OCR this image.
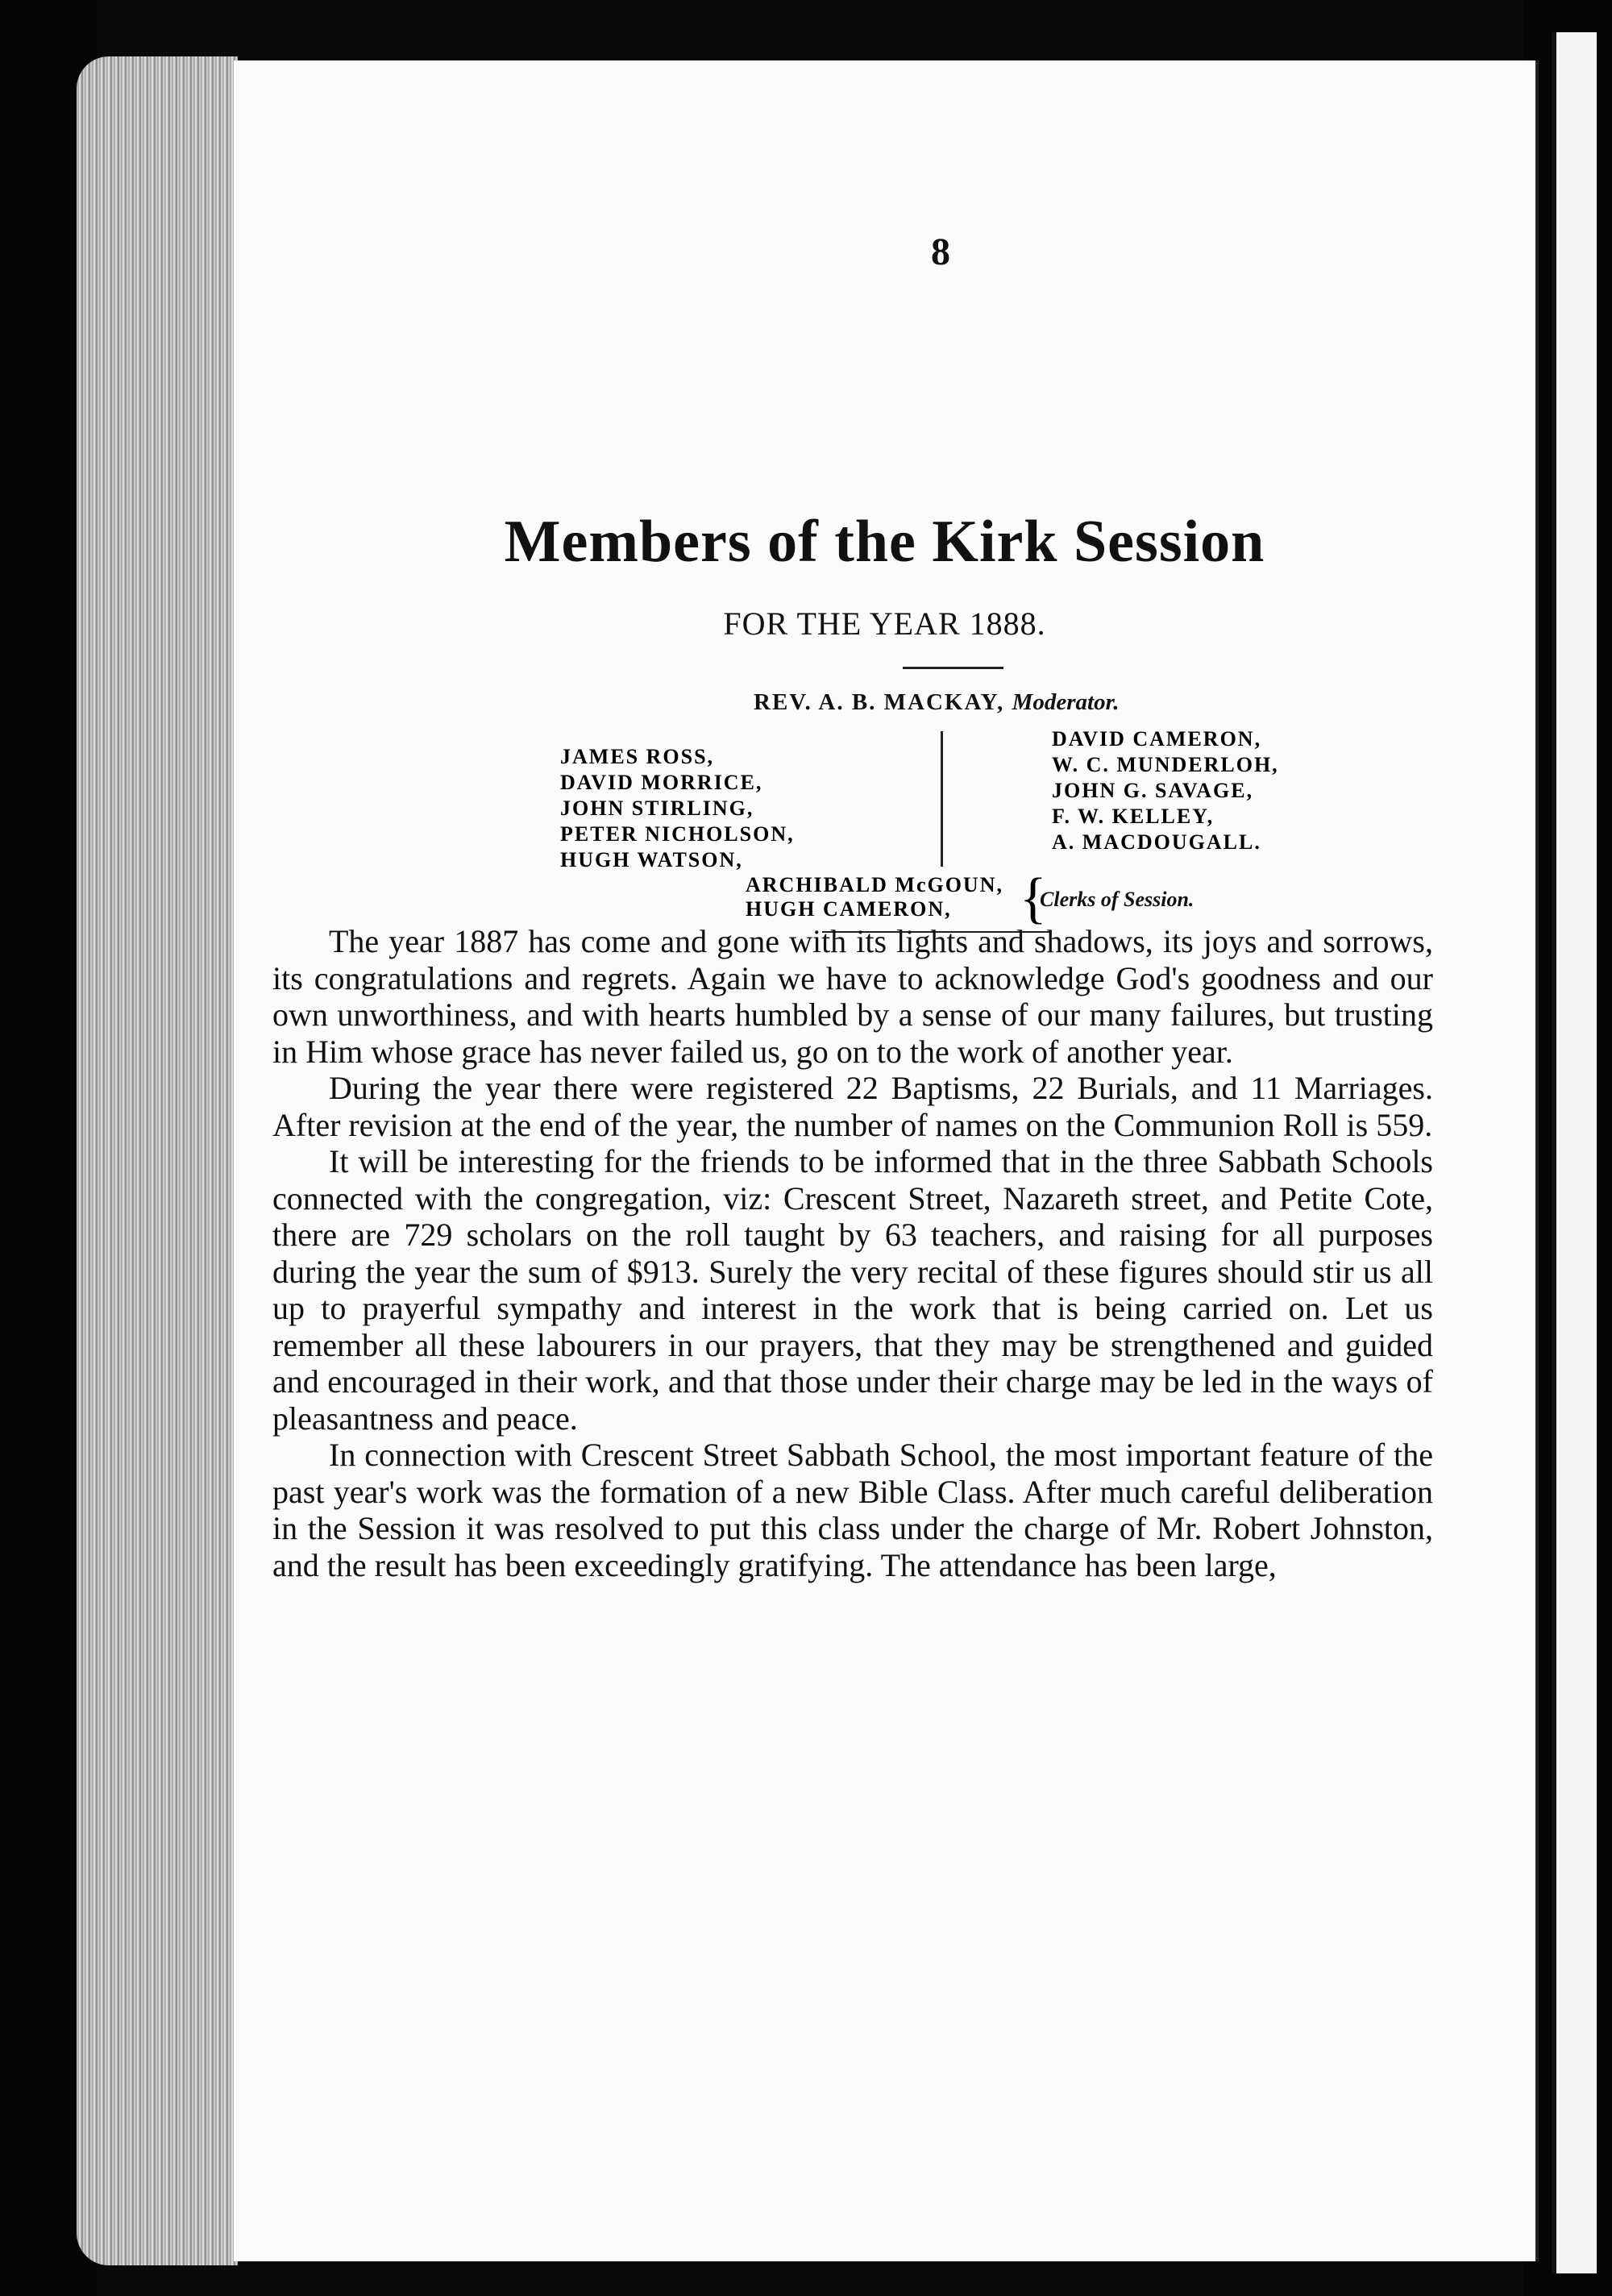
8
Members of the Kirk Session
FOR THE YEAR 1888.
REV. A. B. MACKAY, Moderator.
JAMES ROSS,
DAVID MORRICE,
JOHN STIRLING,
PETER NICHOLSON,
HUGH WATSON,
DAVID CAMERON,
W. C. MUNDERLOH,
JOHN G. SAVAGE,
F. W. KELLEY,
A. MACDOUGALL.
ARCHIBALD McGOUN,
HUGH CAMERON,	{
Clerks of Session.

The year 1887 has come and gone with its lights and shadows, its joys and sorrows, its congratulations and regrets. Again we have to acknowledge God's goodness and our own unworthiness, and with hearts humbled by a sense of our many failures, but trusting in Him whose grace has never failed us, go on to the work of another year.

During the year there were registered 22 Baptisms, 22 Burials, and 11 Marriages. After revision at the end of the year, the number of names on the Communion Roll is 559.

It will be interesting for the friends to be informed that in the three Sabbath Schools connected with the congregation, viz: Crescent Street, Nazareth street, and Petite Cote, there are 729 scholars on the roll taught by 63 teachers, and raising for all purposes during the year the sum of $913. Surely the very recital of these figures should stir us all up to prayerful sympathy and interest in the work that is being carried on. Let us remember all these labourers in our prayers, that they may be strengthened and guided and encouraged in their work, and that those under their charge may be led in the ways of pleasantness and peace.

In connection with Crescent Street Sabbath School, the most important feature of the past year's work was the formation of a new Bible Class. After much careful deliberation in the Session it was resolved to put this class under the charge of Mr. Robert Johnston, and the result has been exceedingly gratifying. The attendance has been large,
